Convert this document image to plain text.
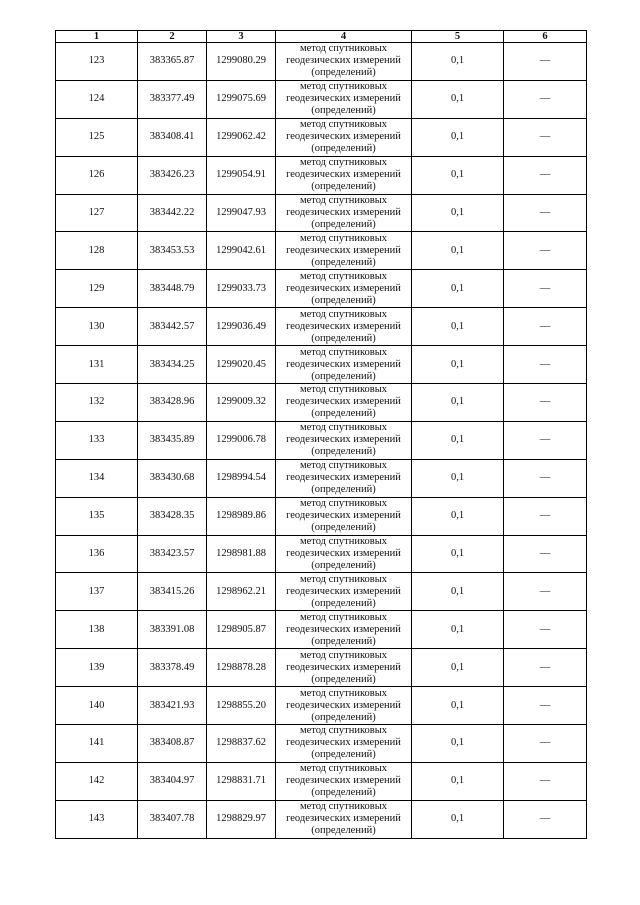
1	2	3	4	5	6
123	383365.87	1299080.29	метод спутниковых
геодезических измерений
(определений)	0,1	—
124	383377.49	1299075.69	метод спутниковых
геодезических измерений
(определений)	0,1	—
125	383408.41	1299062.42	метод спутниковых
геодезических измерений
(определений)	0,1	—
126	383426.23	1299054.91	метод спутниковых
геодезических измерений
(определений)	0,1	—
127	383442.22	1299047.93	метод спутниковых
геодезических измерений
(определений)	0,1	—
128	383453.53	1299042.61	метод спутниковых
геодезических измерений
(определений)	0,1	—
129	383448.79	1299033.73	метод спутниковых
геодезических измерений
(определений)	0,1	—
130	383442.57	1299036.49	метод спутниковых
геодезических измерений
(определений)	0,1	—
131	383434.25	1299020.45	метод спутниковых
геодезических измерений
(определений)	0,1	—
132	383428.96	1299009.32	метод спутниковых
геодезических измерений
(определений)	0,1	—
133	383435.89	1299006.78	метод спутниковых
геодезических измерений
(определений)	0,1	—
134	383430.68	1298994.54	метод спутниковых
геодезических измерений
(определений)	0,1	—
135	383428.35	1298989.86	метод спутниковых
геодезических измерений
(определений)	0,1	—
136	383423.57	1298981.88	метод спутниковых
геодезических измерений
(определений)	0,1	—
137	383415.26	1298962.21	метод спутниковых
геодезических измерений
(определений)	0,1	—
138	383391.08	1298905.87	метод спутниковых
геодезических измерений
(определений)	0,1	—
139	383378.49	1298878.28	метод спутниковых
геодезических измерений
(определений)	0,1	—
140	383421.93	1298855.20	метод спутниковых
геодезических измерений
(определений)	0,1	—
141	383408.87	1298837.62	метод спутниковых
геодезических измерений
(определений)	0,1	—
142	383404.97	1298831.71	метод спутниковых
геодезических измерений
(определений)	0,1	—
143	383407.78	1298829.97	метод спутниковых
геодезических измерений
(определений)	0,1	—
